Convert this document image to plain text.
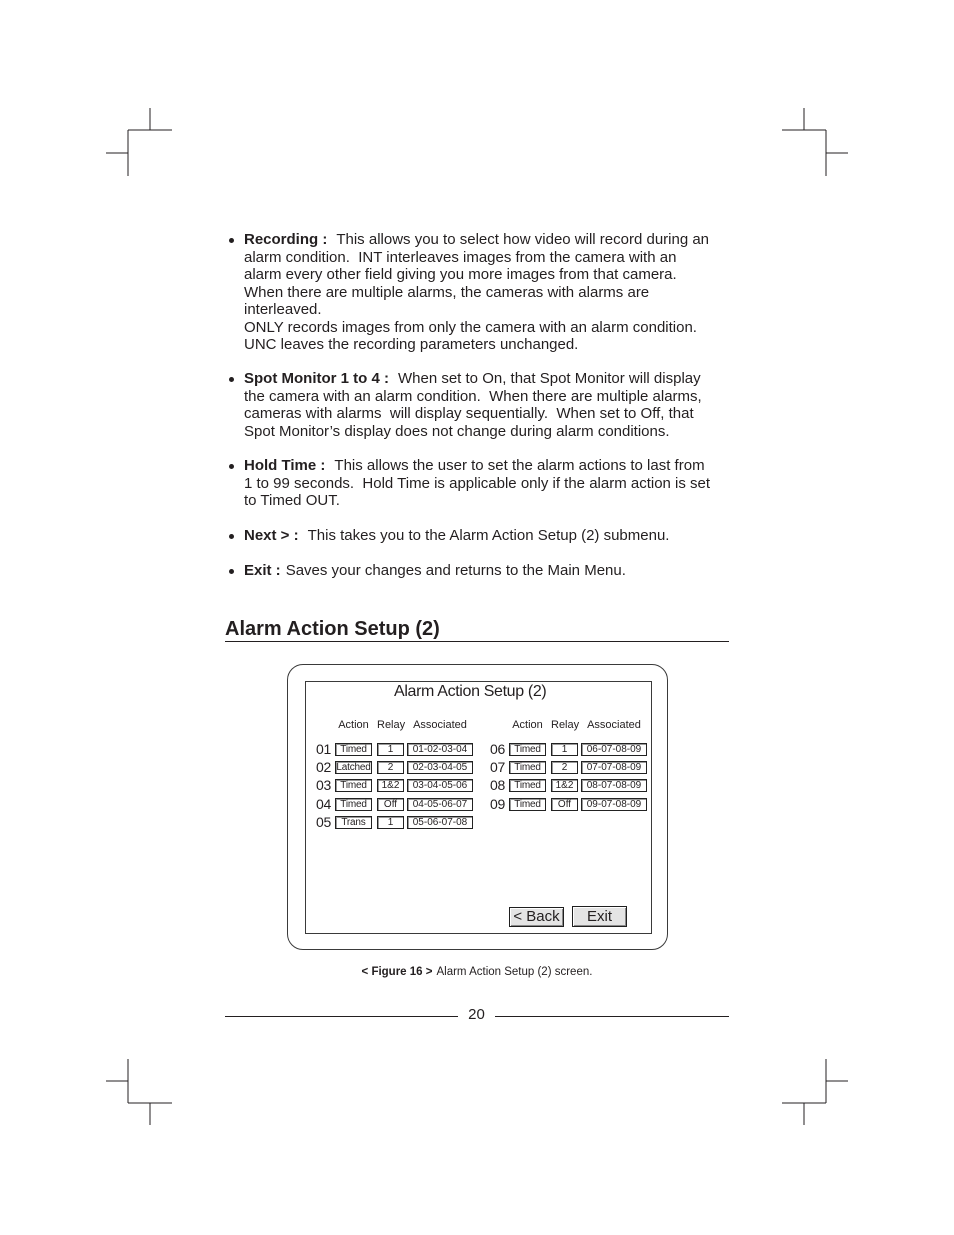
Recording : This allows you to select how video will record during an
alarm condition.  INT interleaves images from the camera with an
alarm every other field giving you more images from that camera.
When there are multiple alarms, the cameras with alarms are
interleaved.
ONLY records images from only the camera with an alarm condition.
UNC leaves the recording parameters unchanged.
Spot Monitor 1 to 4 : When set to On, that Spot Monitor will display
the camera with an alarm condition.  When there are multiple alarms,
cameras with alarms  will display sequentially.  When set to Off, that
Spot Monitor’s display does not change during alarm conditions.
Hold Time : This allows the user to set the alarm actions to last from
1 to 99 seconds.  Hold Time is applicable only if the alarm action is set
to Timed OUT.
Next > : This takes you to the Alarm Action Setup (2) submenu.
Exit : Saves your changes and returns to the Main Menu.
Alarm Action Setup (2)
Alarm Action Setup (2)
Action Relay Associated
01 Timed	1	01-02-03-04
02 Latched	2	02-03-04-05
03 Timed	1&2	03-04-05-06
04 Timed	Off	04-05-06-07
05	Trans	1	05-06-07-08
Action Relay Associated
06 Timed	1	06-07-08-09
07 Timed	2	07-07-08-09
08 Timed	1&2	08-07-08-09
09 Timed	Off	09-07-08-09
< Back	Exit
< Figure 16 > Alarm Action Setup (2) screen.
20
